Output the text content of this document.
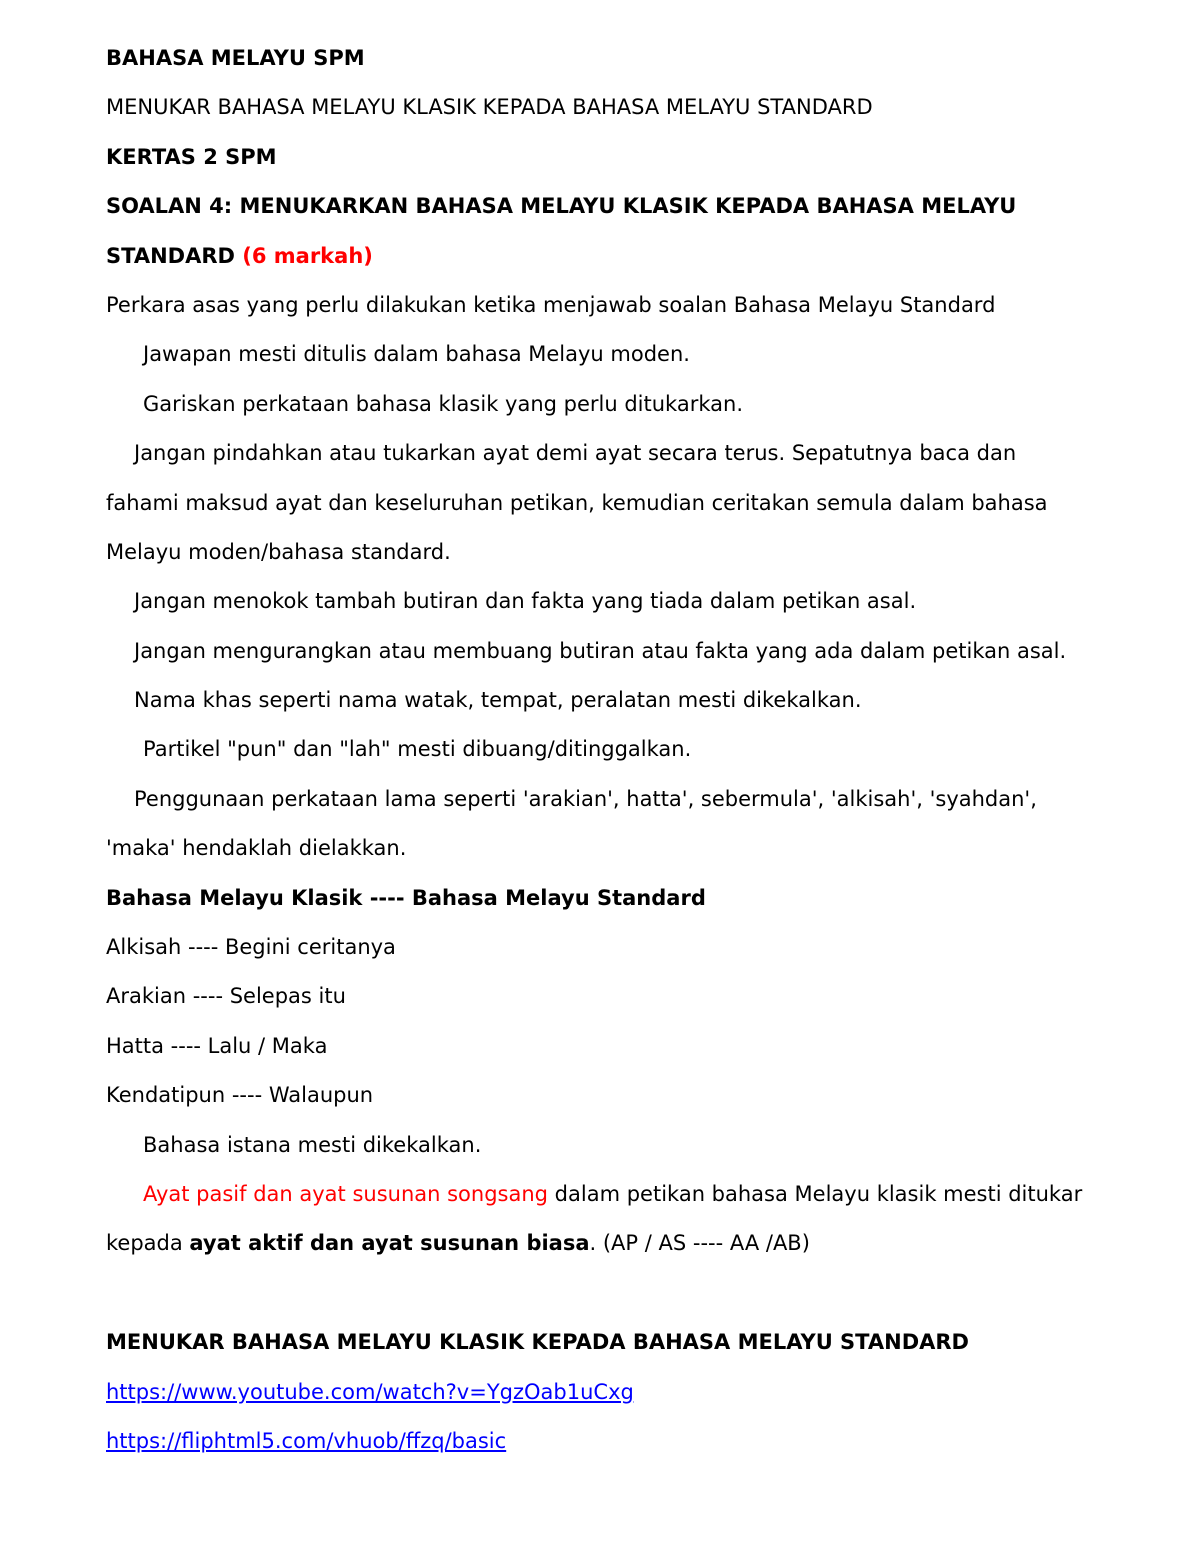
BAHASA MELAYU SPM
MENUKAR BAHASA MELAYU KLASIK KEPADA BAHASA MELAYU STANDARD
KERTAS 2 SPM
SOALAN 4: MENUKARKAN BAHASA MELAYU KLASIK KEPADA BAHASA MELAYU
STANDARD (6 markah)
Perkara asas yang perlu dilakukan ketika menjawab soalan Bahasa Melayu Standard
Jawapan mesti ditulis dalam bahasa Melayu moden.
Gariskan perkataan bahasa klasik yang perlu ditukarkan.
Jangan pindahkan atau tukarkan ayat demi ayat secara terus. Sepatutnya baca dan
fahami maksud ayat dan keseluruhan petikan, kemudian ceritakan semula dalam bahasa
Melayu moden/bahasa standard.
Jangan menokok tambah butiran dan fakta yang tiada dalam petikan asal.
Jangan mengurangkan atau membuang butiran atau fakta yang ada dalam petikan asal.
Nama khas seperti nama watak, tempat, peralatan mesti dikekalkan.
Partikel "pun" dan "lah" mesti dibuang/ditinggalkan.
Penggunaan perkataan lama seperti 'arakian', hatta', sebermula', 'alkisah', 'syahdan',
'maka' hendaklah dielakkan.
Bahasa Melayu Klasik ---- Bahasa Melayu Standard
Alkisah ---- Begini ceritanya
Arakian ---- Selepas itu
Hatta ---- Lalu / Maka
Kendatipun ---- Walaupun
Bahasa istana mesti dikekalkan.
Ayat pasif dan ayat susunan songsang dalam petikan bahasa Melayu klasik mesti ditukar
kepada ayat aktif dan ayat susunan biasa. (AP / AS ---- AA /AB)
MENUKAR BAHASA MELAYU KLASIK KEPADA BAHASA MELAYU STANDARD
https://www.youtube.com/watch?v=YgzOab1uCxg
https://fliphtml5.com/vhuob/ffzq/basic
